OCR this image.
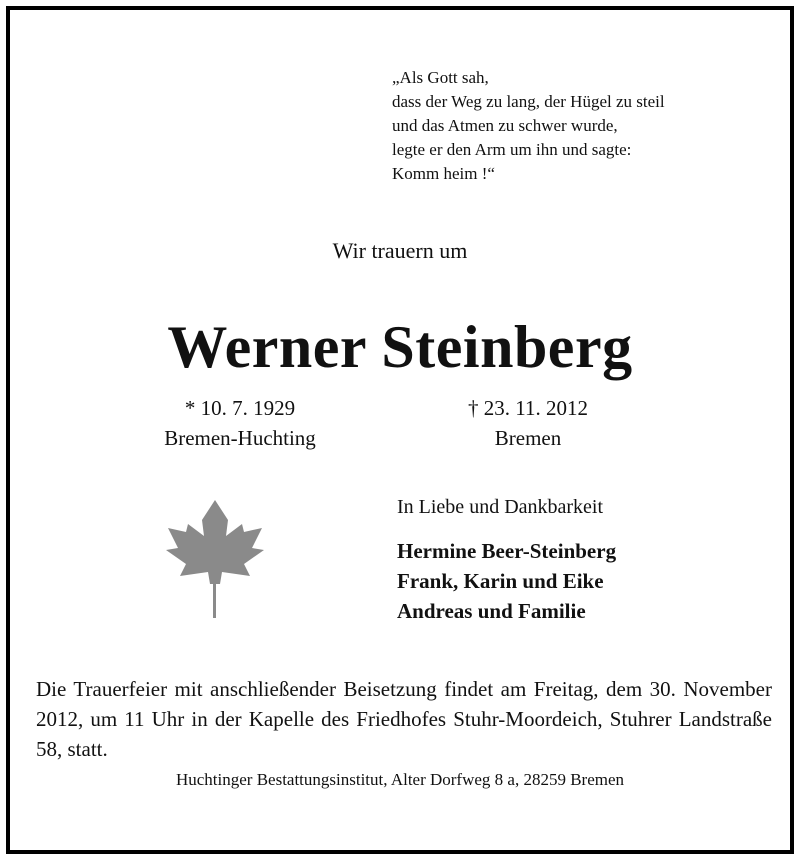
„Als Gott sah,
dass der Weg zu lang, der Hügel zu steil
und das Atmen zu schwer wurde,
legte er den Arm um ihn und sagte:
Komm heim !“
Wir trauern um
Werner Steinberg
* 10. 7. 1929
Bremen-Huchting
† 23. 11. 2012
Bremen
In Liebe und Dankbarkeit
Hermine Beer-Steinberg
Frank, Karin und Eike
Andreas und Familie
Die Trauerfeier mit anschließender Beisetzung findet am Freitag, dem 30. November 2012, um 11 Uhr in der Kapelle des Friedhofes Stuhr-Moordeich, Stuhrer Landstraße 58, statt.
Huchtinger Bestattungsinstitut, Alter Dorfweg 8 a, 28259 Bremen
